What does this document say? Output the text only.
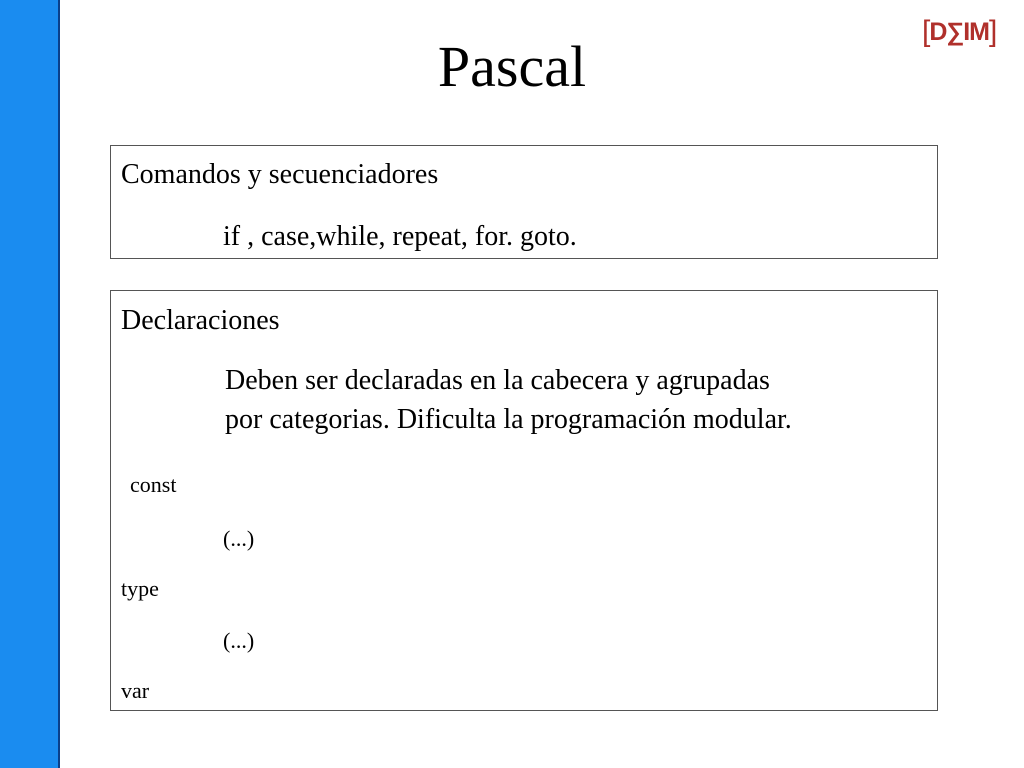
[ D∑IM ]
Pascal
Comandos y secuenciadores
if , case,while, repeat, for. goto.
Declaraciones
Deben ser declaradas en la cabecera y agrupadas
por categorias. Dificulta la programación modular.
const
(...)
type
(...)
var
